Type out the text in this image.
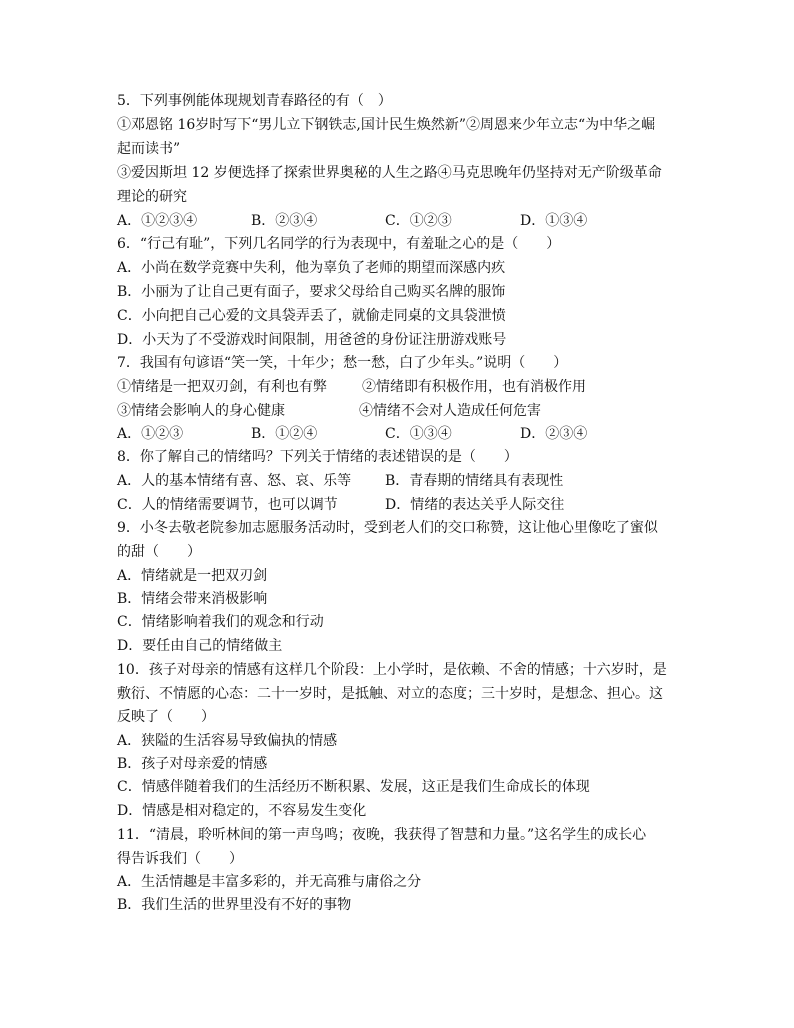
5．下列事例能体现规划青春路径的有（　）
①邓恩铭 16岁时写下“男儿立下钢铁志,国计民生焕然新”②周恩来少年立志“为中华之崛
起而读书”
③爱因斯坦 12 岁便选择了探索世界奥秘的人生之路④马克思晚年仍坚持对无产阶级革命
理论的研究
A．①②③④	B．②③④	C．①②③	D．①③④
6．“行己有耻”，下列几名同学的行为表现中，有羞耻之心的是（　　）
A．小尚在数学竞赛中失利，他为辜负了老师的期望而深感内疚
B．小丽为了让自己更有面子，要求父母给自己购买名牌的服饰
C．小向把自己心爱的文具袋弄丢了，就偷走同桌的文具袋泄愤
D．小天为了不受游戏时间限制，用爸爸的身份证注册游戏账号
7．我国有句谚语“笑一笑，十年少；愁一愁，白了少年头。”说明（　　）
①情绪是一把双刃剑，有利也有弊	②情绪即有积极作用，也有消极作用
③情绪会影响人的身心健康	④情绪不会对人造成任何危害
A．①②③	B．①②④	C．①③④	D．②③④
8．你了解自己的情绪吗？下列关于情绪的表述错误的是（　　）
A．人的基本情绪有喜、怒、哀、乐等 B．青春期的情绪具有表现性
C．人的情绪需要调节，也可以调节	D．情绪的表达关乎人际交往
9．小冬去敬老院参加志愿服务活动时，受到老人们的交口称赞，这让他心里像吃了蜜似
的甜（　　）
A．情绪就是一把双刃剑
B．情绪会带来消极影响
C．情绪影响着我们的观念和行动
D．要任由自己的情绪做主
10．孩子对母亲的情感有这样几个阶段：上小学时，是依赖、不舍的情感；十六岁时，是
敷衍、不情愿的心态：二十一岁时，是抵触、对立的态度；三十岁时，是想念、担心。这
反映了（　　）
A．狭隘的生活容易导致偏执的情感
B．孩子对母亲爱的情感
C．情感伴随着我们的生活经历不断积累、发展，这正是我们生命成长的体现
D．情感是相对稳定的，不容易发生变化
11．“清晨，聆听林间的第一声鸟鸣；夜晚，我获得了智慧和力量。”这名学生的成长心
得告诉我们（　　）
A．生活情趣是丰富多彩的，并无高雅与庸俗之分
B．我们生活的世界里没有不好的事物
